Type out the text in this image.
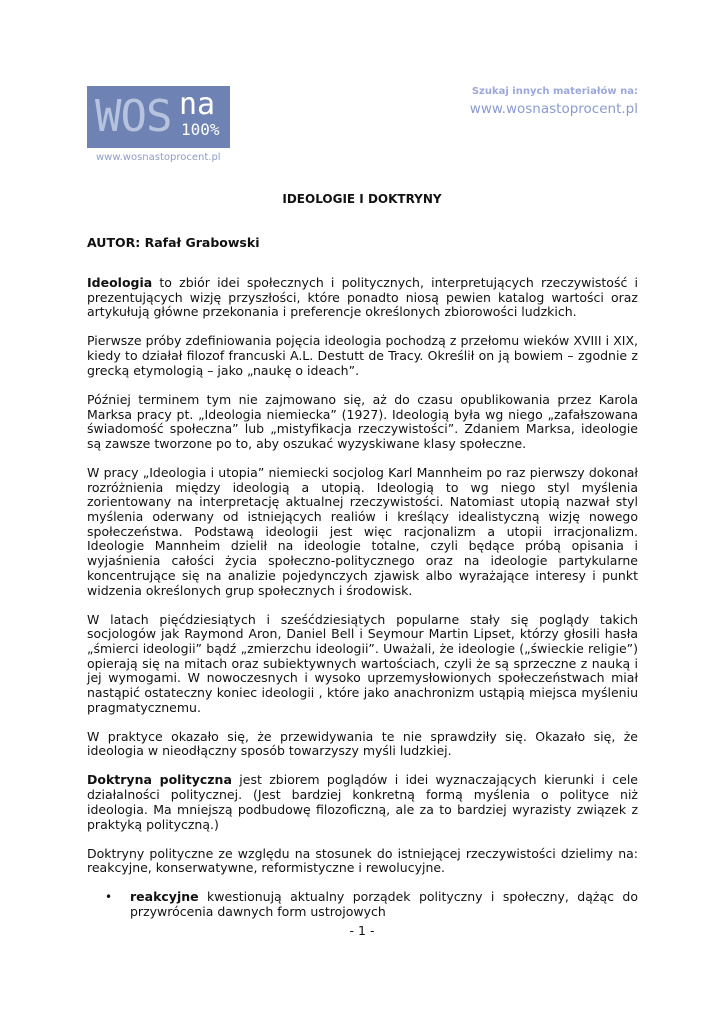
WOS na
100%
www.wosnastoprocent.pl
Szukaj innych materiałów na:
www.wosnastoprocent.pl
IDEOLOGIE I DOKTRYNY
AUTOR: Rafał Grabowski

Ideologia to zbiór idei społecznych i politycznych, interpretujących rzeczywistość i prezentujących wizję przyszłości, które ponadto niosą pewien katalog wartości oraz artykułują główne przekonania i preferencje określonych zbiorowości ludzkich.

Pierwsze próby zdefiniowania pojęcia ideologia pochodzą z przełomu wieków XVIII i XIX, kiedy to działał filozof francuski A.L. Destutt de Tracy. Określił on ją bowiem – zgodnie z grecką etymologią – jako „naukę o ideach”.

Później terminem tym nie zajmowano się, aż do czasu opublikowania przez Karola Marksa pracy pt. „Ideologia niemiecka” (1927). Ideologią była wg niego „zafałszowana świadomość społeczna” lub „mistyfikacja rzeczywistości”. Zdaniem Marksa, ideologie są zawsze tworzone po to, aby oszukać wyzyskiwane klasy społeczne.

W pracy „Ideologia i utopia” niemiecki socjolog Karl Mannheim po raz pierwszy dokonał rozróżnienia między ideologią a utopią. Ideologią to wg niego styl myślenia zorientowany na interpretację aktualnej rzeczywistości. Natomiast utopią nazwał styl myślenia oderwany od istniejących realiów i kreślący idealistyczną wizję nowego społeczeństwa. Podstawą ideologii jest więc racjonalizm a utopii irracjonalizm. Ideologie Mannheim dzielił na ideologie totalne, czyli będące próbą opisania i wyjaśnienia całości życia społeczno-politycznego oraz na ideologie partykularne koncentrujące się na analizie pojedynczych zjawisk albo wyrażające interesy i punkt widzenia określonych grup społecznych i środowisk.

W latach pięćdziesiątych i sześćdziesiątych popularne stały się poglądy takich socjologów jak Raymond Aron, Daniel Bell i Seymour Martin Lipset, którzy głosili hasła „śmierci ideologii” bądź „zmierzchu ideologii”. Uważali, że ideologie („świeckie religie”) opierają się na mitach oraz subiektywnych wartościach, czyli że są sprzeczne z nauką i jej wymogami. W nowoczesnych i wysoko uprzemysłowionych społeczeństwach miał nastąpić ostateczny koniec ideologii , które jako anachronizm ustąpią miejsca myśleniu pragmatycznemu.

W praktyce okazało się, że przewidywania te nie sprawdziły się. Okazało się, że ideologia w nieodłączny sposób towarzyszy myśli ludzkiej.

Doktryna polityczna jest zbiorem poglądów i idei wyznaczających kierunki i cele działalności politycznej. (Jest bardziej konkretną formą myślenia o polityce niż ideologia. Ma mniejszą podbudowę filozoficzną, ale za to bardziej wyrazisty związek z praktyką polityczną.)

Doktryny polityczne ze względu na stosunek do istniejącej rzeczywistości dzielimy na: reakcyjne, konserwatywne, reformistyczne i rewolucyjne.

• reakcyjne kwestionują aktualny porządek polityczny i społeczny, dążąc do przywrócenia dawnych form ustrojowych
- 1 -
